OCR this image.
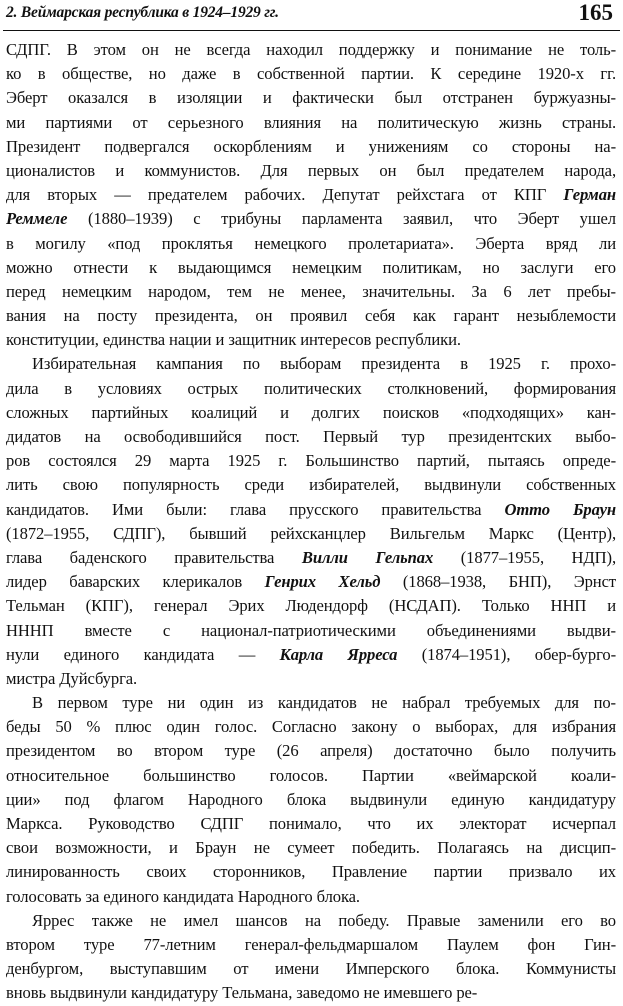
2. Веймарская республика в 1924–1929 гг.	165
СДПГ. В этом он не всегда находил поддержку и понимание не толь-
ко в обществе, но даже в собственной партии. К середине 1920-х гг.
Эберт оказался в изоляции и фактически был отстранен буржуазны-
ми партиями от серьезного влияния на политическую жизнь страны.
Президент подвергался оскорблениям и унижениям со стороны на-
ционалистов и коммунистов. Для первых он был предателем народа,
для вторых — предателем рабочих. Депутат рейхстага от КПГ Герман
Реммеле (1880–1939) с трибуны парламента заявил, что Эберт ушел
в могилу «под проклятья немецкого пролетариата». Эберта вряд ли
можно отнести к выдающимся немецким политикам, но заслуги его
перед немецким народом, тем не менее, значительны. За 6 лет пребы-
вания на посту президента, он проявил себя как гарант незыблемости
конституции, единства нации и защитник интересов республики.
Избирательная кампания по выборам президента в 1925 г. прохо-
дила в условиях острых политических столкновений, формирования
сложных партийных коалиций и долгих поисков «подходящих» кан-
дидатов на освободившийся пост. Первый тур президентских выбо-
ров состоялся 29 марта 1925 г. Большинство партий, пытаясь опреде-
лить свою популярность среди избирателей, выдвинули собственных
кандидатов. Ими были: глава прусского правительства Отто Браун
(1872–1955, СДПГ), бывший рейхсканцлер Вильгельм Маркс (Центр),
глава баденского правительства Вилли Гельпах (1877–1955, НДП),
лидер баварских клерикалов Генрих Хельд (1868–1938, БНП), Эрнст
Тельман (КПГ), генерал Эрих Людендорф (НСДАП). Только ННП и
НННП вместе с национал-патриотическими объединениями выдви-
нули единого кандидата — Карла Ярреса (1874–1951), обер-бурго-
мистра Дуйсбурга.
В первом туре ни один из кандидатов не набрал требуемых для по-
беды 50 % плюс один голос. Согласно закону о выборах, для избрания
президентом во втором туре (26 апреля) достаточно было получить
относительное большинство голосов. Партии «веймарской коали-
ции» под флагом Народного блока выдвинули единую кандидатуру
Маркса. Руководство СДПГ понимало, что их электорат исчерпал
свои возможности, и Браун не сумеет победить. Полагаясь на дисцип-
линированность своих сторонников, Правление партии призвало их
голосовать за единого кандидата Народного блока.
Яррес также не имел шансов на победу. Правые заменили его во
втором туре 77-летним генерал-фельдмаршалом Паулем фон Гин-
денбургом, выступавшим от имени Имперского блока. Коммунисты
вновь выдвинули кандидатуру Тельмана, заведомо не имевшего ре-
